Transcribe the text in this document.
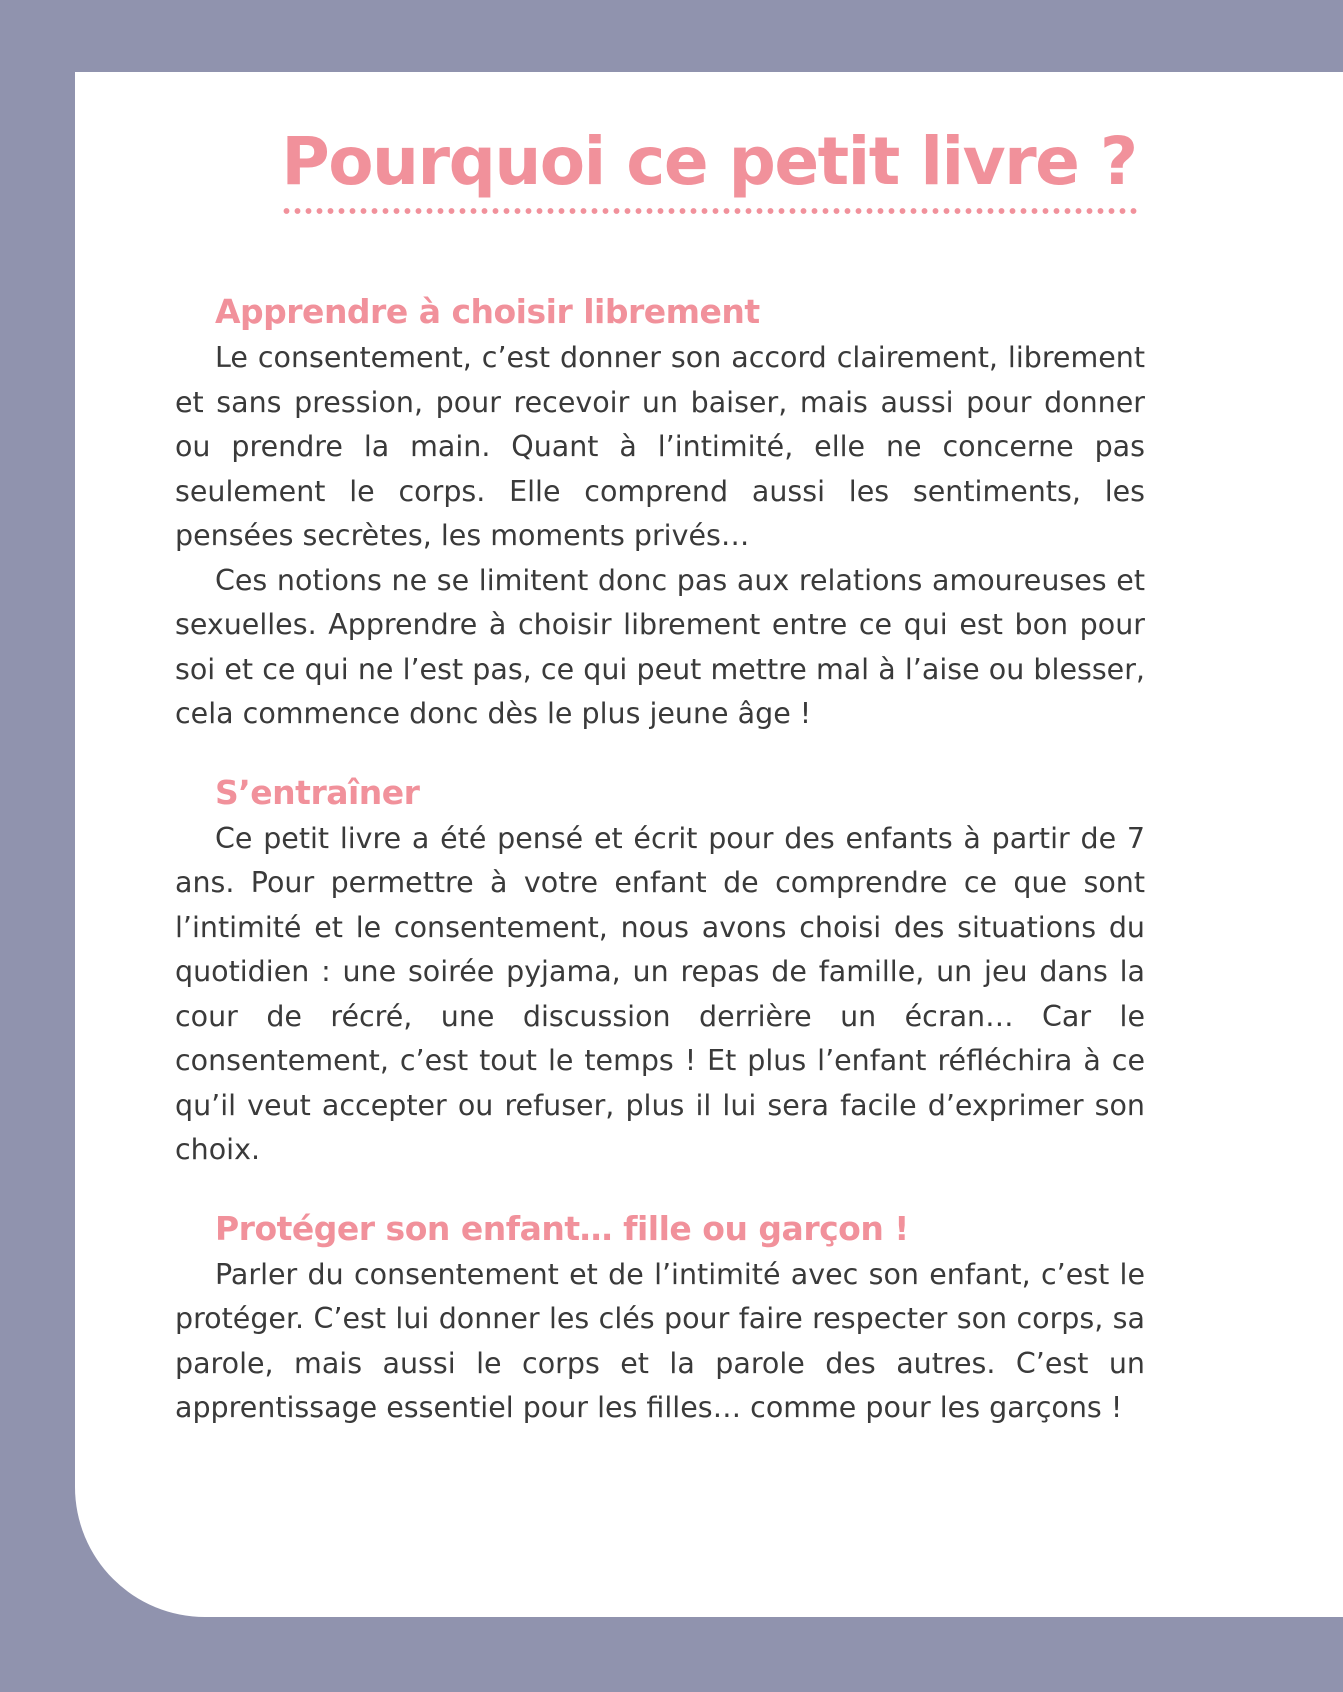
Pourquoi ce petit livre ?
Apprendre à choisir librement

Le consentement, c’est donner son accord clairement, librement et sans pression, pour recevoir un baiser, mais aussi pour donner ou prendre la main. Quant à l’intimité, elle ne concerne pas seulement le corps. Elle comprend aussi les sentiments, les pensées secrètes, les moments privés…

Ces notions ne se limitent donc pas aux relations amoureuses et sexuelles. Apprendre à choisir librement entre ce qui est bon pour soi et ce qui ne l’est pas, ce qui peut mettre mal à l’aise ou blesser, cela commence donc dès le plus jeune âge !

S’entraîner

Ce petit livre a été pensé et écrit pour des enfants à partir de 7 ans. Pour permettre à votre enfant de comprendre ce que sont l’intimité et le consentement, nous avons choisi des situations du quotidien : une soirée pyjama, un repas de famille, un jeu dans la cour de récré, une discussion derrière un écran… Car le consentement, c’est tout le temps ! Et plus l’enfant réfléchira à ce qu’il veut accepter ou refuser, plus il lui sera facile d’exprimer son choix.

Protéger son enfant… fille ou garçon !

Parler du consentement et de l’intimité avec son enfant, c’est le protéger. C’est lui donner les clés pour faire respecter son corps, sa parole, mais aussi le corps et la parole des autres. C’est un apprentissage essentiel pour les filles… comme pour les garçons !
